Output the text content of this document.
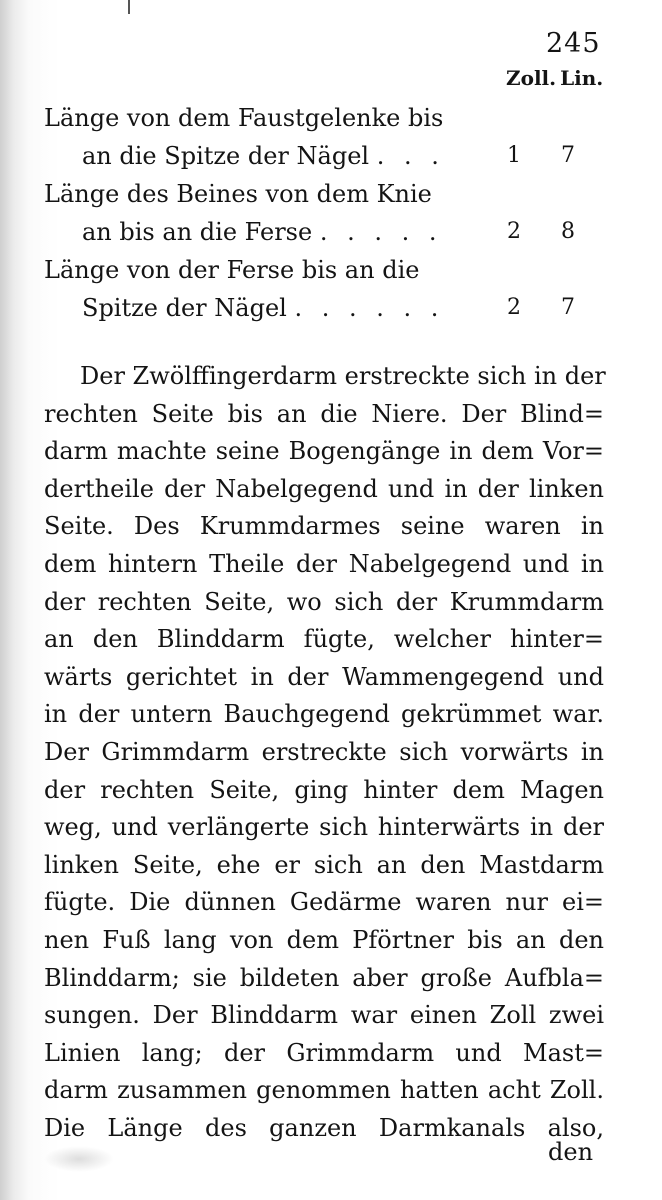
245
Zoll. Lin.
Länge von dem Faustgelenke bis
an die Spitze der Nägel . . .	1 7
Länge des Beines von dem Knie
an bis an die Ferse . . . . .	2 8
Länge von der Ferse bis an die
Spitze der Nägel . . . . . .	2 7
Der Zwölffingerdarm erstreckte sich in der
rechten Seite bis an die Niere. Der Blind=
darm machte seine Bogengänge in dem Vor=
dertheile der Nabelgegend und in der linken
Seite. Des Krummdarmes seine waren in
dem hintern Theile der Nabelgegend und in
der rechten Seite, wo sich der Krummdarm
an den Blinddarm fügte, welcher hinter=
wärts gerichtet in der Wammengegend und
in der untern Bauchgegend gekrümmet war.
Der Grimmdarm erstreckte sich vorwärts in
der rechten Seite, ging hinter dem Magen
weg, und verlängerte sich hinterwärts in der
linken Seite, ehe er sich an den Mastdarm
fügte. Die dünnen Gedärme waren nur ei=
nen Fuß lang von dem Pförtner bis an den
Blinddarm; sie bildeten aber große Aufbla=
sungen. Der Blinddarm war einen Zoll zwei
Linien lang; der Grimmdarm und Mast=
darm zusammen genommen hatten acht Zoll.
Die Länge des ganzen Darmkanals also,
den
